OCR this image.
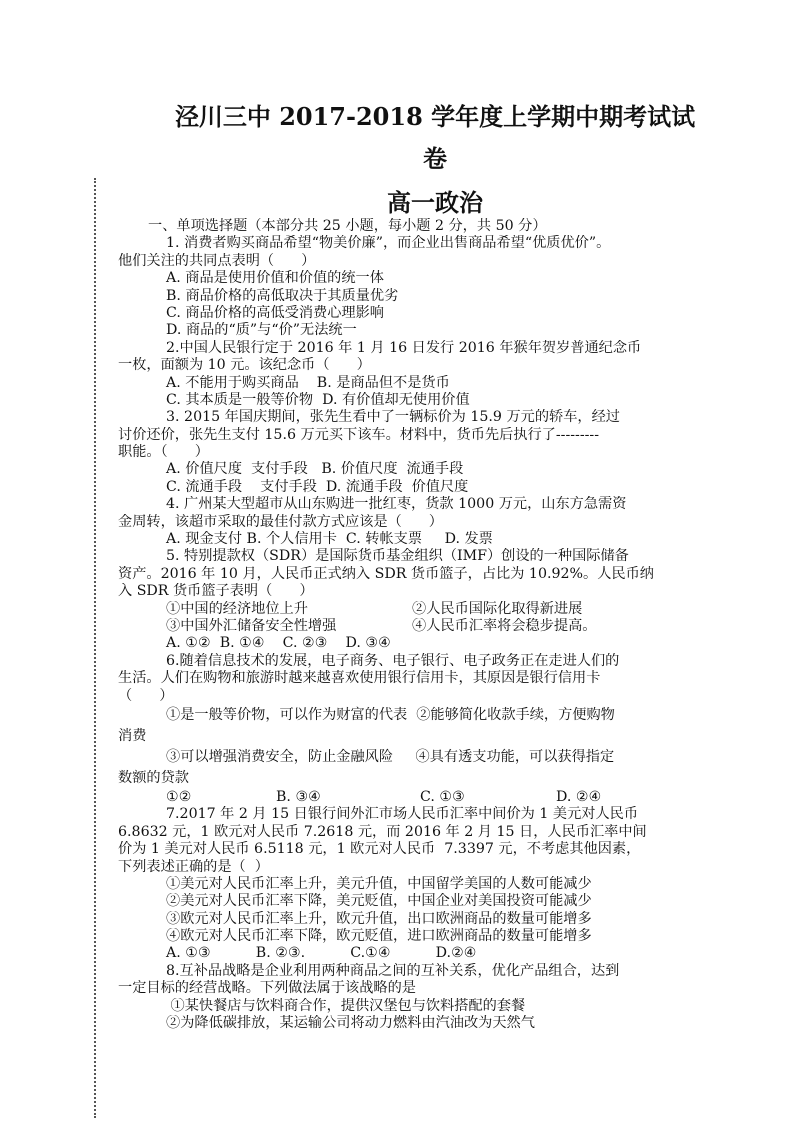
泾川三中 2017-2018 学年度上学期中期考试试
卷
高一政治
一、单项选择题（本部分共 25 小题，每小题 2 分，共 50 分）
1. 消费者购买商品希望“物美价廉”，而企业出售商品希望“优质优价”。
他们关注的共同点表明（      ）
A. 商品是使用价值和价值的统一体
B. 商品价格的高低取决于其质量优劣
C. 商品价格的高低受消费心理影响
D. 商品的“质”与“价”无法统一
2.中国人民银行定于 2016 年 1 月 16 日发行 2016 年猴年贺岁普通纪念币
一枚，面额为 10 元。该纪念币（      ）
A. 不能用于购买商品    B. 是商品但不是货币
C. 其本质是一般等价物  D. 有价值却无使用价值
3. 2015 年国庆期间，张先生看中了一辆标价为 15.9 万元的轿车，经过
讨价还价，张先生支付 15.6 万元买下该车。材料中，货币先后执行了---------
职能。（      ）
A. 价值尺度  支付手段   B. 价值尺度  流通手段
C. 流通手段    支付手段  D. 流通手段  价值尺度
4. 广州某大型超市从山东购进一批红枣，货款 1000 万元，山东方急需资
金周转，该超市采取的最佳付款方式应该是（      ）
A. 现金支付 B. 个人信用卡  C. 转帐支票     D. 发票
5. 特别提款权（SDR）是国际货币基金组织（IMF）创设的一种国际储备
资产。2016 年 10 月，人民币正式纳入 SDR 货币篮子，占比为 10.92%。人民币纳
入 SDR 货币篮子表明（      ）
①中国的经济地位上升	②人民币国际化取得新进展
③中国外汇储备安全性增强	④人民币汇率将会稳步提高。
A. ①②  B. ①④    C. ②③    D. ③④
6.随着信息技术的发展，电子商务、电子银行、电子政务正在走进人们的
生活。人们在购物和旅游时越来越喜欢使用银行信用卡，其原因是银行信用卡
（      ）
①是一般等价物，可以作为财富的代表  ②能够简化收款手续，方便购物
消费
③可以增强消费安全，防止金融风险     ④具有透支功能，可以获得指定
数额的贷款
①②	B. ③④	C. ①③	D. ②④
7.2017 年 2 月 15 日银行间外汇市场人民币汇率中间价为 1 美元对人民币
6.8632 元，1 欧元对人民币 7.2618 元，而 2016 年 2 月 15 日，人民币汇率中间
价为 1 美元对人民币 6.5118 元，1 欧元对人民币  7.3397 元，不考虑其他因素，
下列表述正确的是（  ）
①美元对人民币汇率上升，美元升值，中国留学美国的人数可能减少
②美元对人民币汇率下降，美元贬值，中国企业对美国投资可能减少
③欧元对人民币汇率上升，欧元升值，出口欧洲商品的数量可能增多
④欧元对人民币汇率下降，欧元贬值，进口欧洲商品的数量可能增多
A. ①③          B. ②③.          C.①④          D.②④
8.互补品战略是企业利用两种商品之间的互补关系，优化产品组合，达到
一定目标的经营战略。下列做法属于该战略的是
①某快餐店与饮料商合作，提供汉堡包与饮料搭配的套餐
②为降低碳排放，某运输公司将动力燃料由汽油改为天然气
